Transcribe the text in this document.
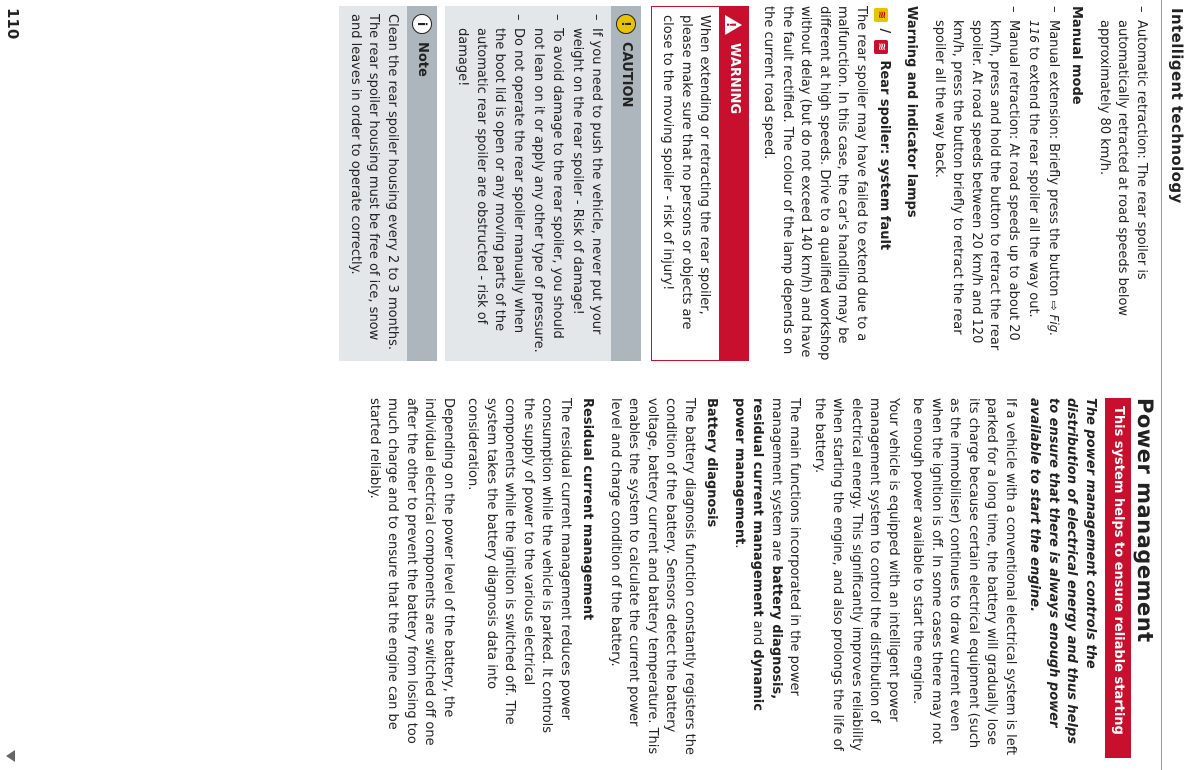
Intelligent technology
– Automatic retraction: The rear spoiler is automatically retracted at road speeds below approximately 80 km/h.
Manual mode
– Manual extension: Briefly press the button ⇨ Fig. 116 to extend the rear spoiler all the way out.
– Manual retraction: At road speeds up to about 20 km/h, press and hold the button to retract the rear spoiler. At road speeds between 20 km/h and 120 km/h, press the button briefly to retract the rear spoiler all the way back.
Warning and indicator lamps
≋ / ≋ Rear spoiler: system fault

The rear spoiler may have failed to extend due to a malfunction. In this case, the car's handling may be different at high speeds. Drive to a qualified workshop without delay (but do not exceed 140 km/h) and have the fault rectified. The colour of the lamp depends on the current road speed.

!
WARNING
When extending or retracting the rear spoiler, please make sure that no persons or objects are close to the moving spoiler - risk of injury!
!
CAUTION
– If you need to push the vehicle, never put your weight on the rear spoiler - Risk of damage!
– To avoid damage to the rear spoiler, you should not lean on it or apply any other type of pressure.
– Do not operate the rear spoiler manually when the boot lid is open or any moving parts of the automatic rear spoiler are obstructed - risk of damage!
i
Note
Clean the rear spoiler housing every 2 to 3 months. The rear spoiler housing must be free of ice, snow and leaves in order to operate correctly.
Power management
This system helps to ensure reliable starting

The power management controls the distribution of electrical energy and thus helps to ensure that there is always enough power available to start the engine.

If a vehicle with a conventional electrical system is left parked for a long time, the battery will gradually lose its charge because certain electrical equipment (such as the immobiliser) continues to draw current even when the ignition is off. In some cases there may not be enough power available to start the engine.

Your vehicle is equipped with an intelligent power management system to control the distribution of electrical energy. This significantly improves reliability when starting the engine, and also prolongs the life of the battery.

The main functions incorporated in the power management system are battery diagnosis, residual current management and dynamic power management.

Battery diagnosis

The battery diagnosis function constantly registers the condition of the battery. Sensors detect the battery voltage, battery current and battery temperature. This enables the system to calculate the current power level and charge condition of the battery.

Residual current management

The residual current management reduces power consumption while the vehicle is parked. It controls the supply of power to the various electrical components while the ignition is switched off. The system takes the battery diagnosis data into consideration.

Depending on the power level of the battery, the individual electrical components are switched off one after the other to prevent the battery from losing too much charge and to ensure that the engine can be started reliably.

110
